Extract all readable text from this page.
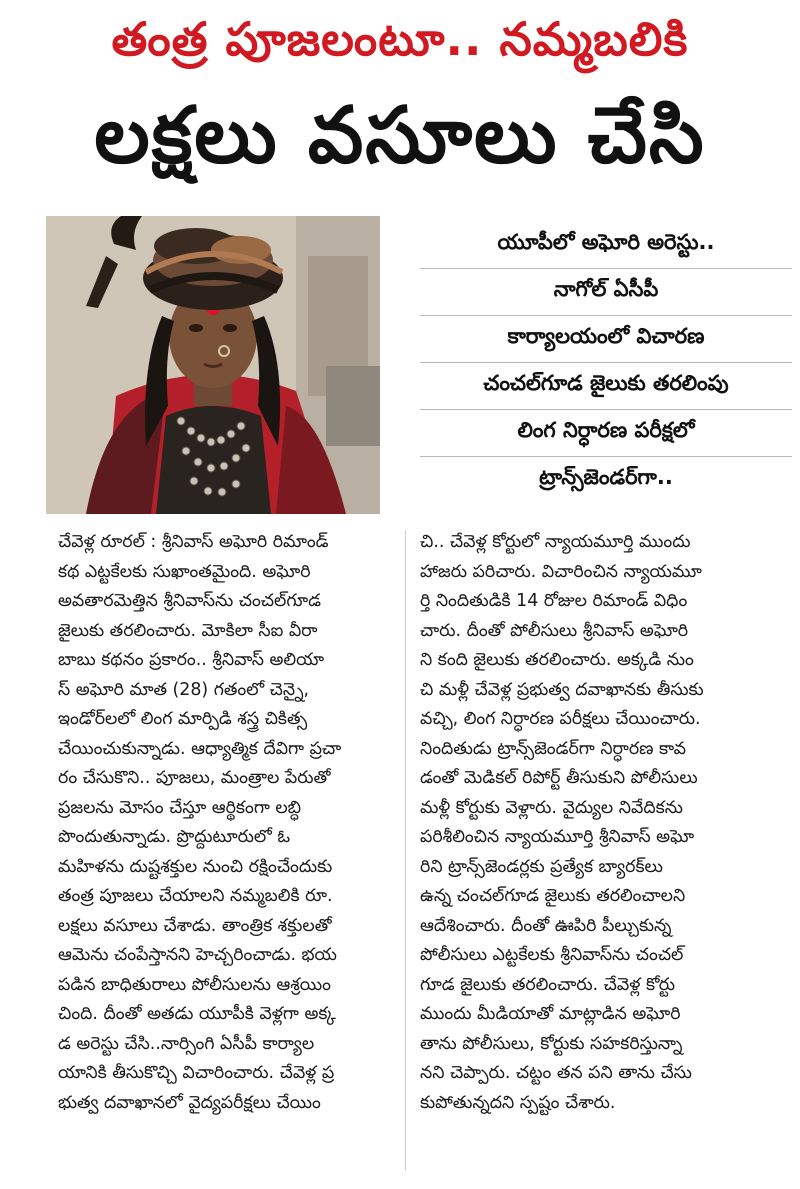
తంత్ర పూజలంటూ.. నమ్మబలికి
లక్షలు వసూలు చేసి
యూపీలో అఘోరి అరెస్టు..
నాగోల్ ఏసీపీ
కార్యాలయంలో విచారణ
చంచల్‌గూడ జైలుకు తరలింపు
లింగ నిర్ధారణ పరీక్షలో
ట్రాన్స్‌జెండర్‌గా..
చేవెళ్ల రూరల్ : శ్రీనివాస్ అఘోరి రిమాండ్
కథ ఎట్టకేలకు సుఖాంతమైంది. అఘోరి
అవతారమెత్తిన శ్రీనివాస్‌ను చంచల్‌గూడ
జైలుకు తరలించారు. మోకిలా సీఐ వీరా
బాబు కథనం ప్రకారం.. శ్రీనివాస్ అలియా
స్ అఘోరి మాత (28) గతంలో చెన్నై,
ఇండోర్‌లలో లింగ మార్పిడి శస్త్ర చికిత్స
చేయించుకున్నాడు. ఆధ్యాత్మిక దేవిగా ప్రచా
రం చేసుకొని.. పూజలు, మంత్రాల పేరుతో
ప్రజలను మోసం చేస్తూ ఆర్థికంగా లబ్ధి
పొందుతున్నాడు. ప్రొద్దుటూరులో ఓ
మహిళను దుష్టశక్తుల నుంచి రక్షించేందుకు
తంత్ర పూజలు చేయాలని నమ్మబలికి రూ.
లక్షలు వసూలు చేశాడు. తాంత్రిక శక్తులతో
ఆమెను చంపేస్తానని హెచ్చరించాడు. భయ
పడిన బాధితురాలు పోలీసులను ఆశ్రయిం
చింది. దీంతో అతడు యూపీకి వెళ్లగా అక్క
డ అరెస్టు చేసి..నార్సింగి ఏసీపీ కార్యాల
యానికి తీసుకొచ్చి విచారించారు. చేవెళ్ల ప్ర
భుత్వ దవాఖానలో వైద్యపరీక్షలు చేయిం
చి.. చేవెళ్ల కోర్టులో న్యాయమూర్తి ముందు
హాజరు పరిచారు. విచారించిన న్యాయమూ
ర్తి నిందితుడికి 14 రోజుల రిమాండ్ విధిం
చారు. దీంతో పోలీసులు శ్రీనివాస్ అఘోరి
ని కంది జైలుకు తరలించారు. అక్కడి నుం
చి మళ్లీ చేవెళ్ల ప్రభుత్వ దవాఖానకు తీసుకు
వచ్చి, లింగ నిర్ధారణ పరీక్షలు చేయించారు.
నిందితుడు ట్రాన్స్‌జెండర్‌గా నిర్ధారణ కావ
డంతో మెడికల్ రిపోర్ట్ తీసుకుని పోలీసులు
మళ్లీ కోర్టుకు వెళ్లారు. వైద్యుల నివేదికను
పరిశీలించిన న్యాయమూర్తి శ్రీనివాస్ అఘో
రిని ట్రాన్స్‌జెండర్లకు ప్రత్యేక బ్యారక్‌లు
ఉన్న చంచల్‌గూడ జైలుకు తరలించాలని
ఆదేశించారు. దీంతో ఊపిరి పీల్చుకున్న
పోలీసులు ఎట్టకేలకు శ్రీనివాస్‌ను చంచల్
గూడ జైలుకు తరలించారు. చేవెళ్ల కోర్టు
ముందు మీడియాతో మాట్లాడిన అఘోరి
తాను పోలీసులు, కోర్టుకు సహకరిస్తున్నా
నని చెప్పారు. చట్టం తన పని తాను చేసు
కుపోతున్నదని స్పష్టం చేశారు.
